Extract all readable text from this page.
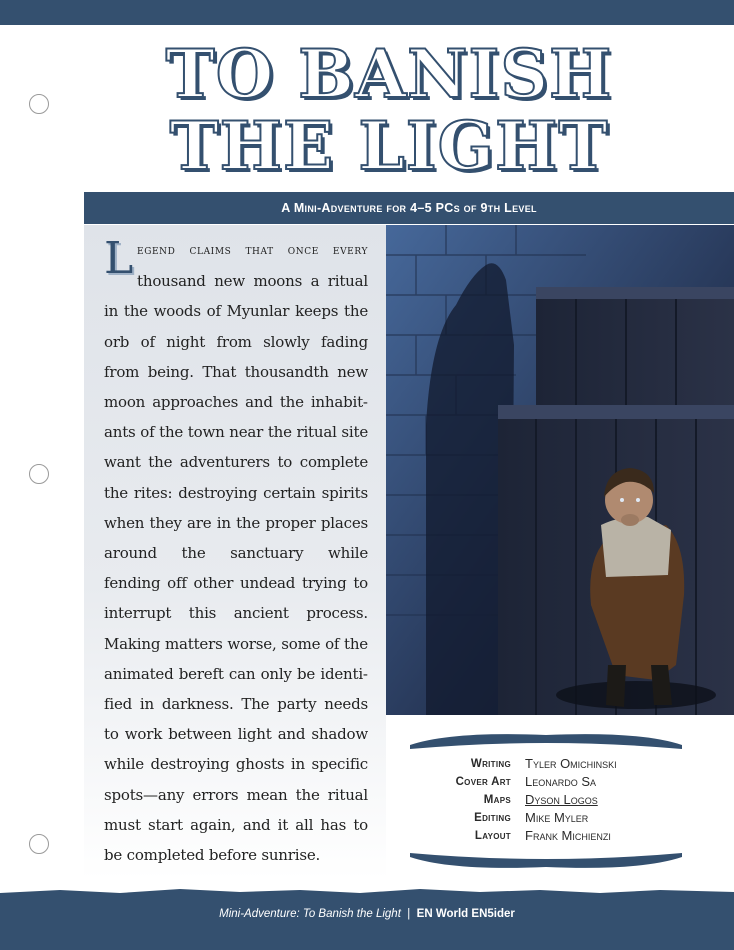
TO BANISH
THE LIGHT
A Mini-Adventure for 4–5 PCs of 9th Level

Legend claims that once every thousand new moons a ritual in the woods of Myunlar keeps the orb of night from slowly fading from being. That thousandth new moon approaches and the inhabitants of the town near the ritual site want the adventurers to complete the rites: destroying certain spirits when they are in the proper places around the sanctuary while fending off other undead trying to interrupt this ancient process. Making matters worse, some of the animated bereft can only be identified in darkness. The party needs to work between light and shadow while destroying ghosts in specific spots—any errors mean the ritual must start again, and it all has to be completed before sunrise.

Writing Tyler Omichinski
Cover Art Leonardo Sa
Maps Dyson Logos
Editing Mike Myler
Layout Frank Michienzi
Mini-Adventure: To Banish the Light | EN World EN5ider
